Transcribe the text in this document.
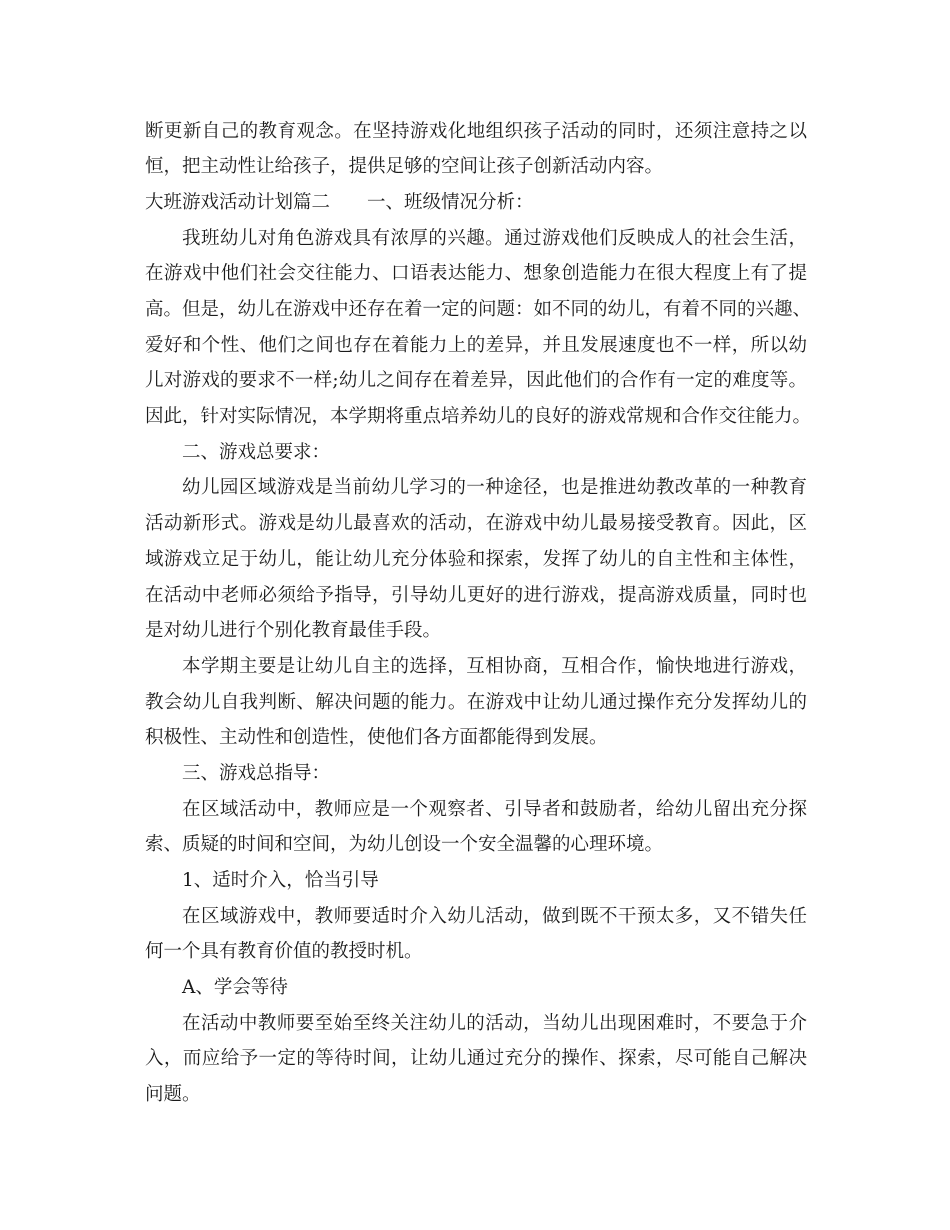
断更新自己的教育观念。在坚持游戏化地组织孩子活动的同时，还须注意持之以

恒，把主动性让给孩子，提供足够的空间让孩子创新活动内容。

大班游戏活动计划篇二　　一、班级情况分析：

我班幼儿对角色游戏具有浓厚的兴趣。通过游戏他们反映成人的社会生活，

在游戏中他们社会交往能力、口语表达能力、想象创造能力在很大程度上有了提

高。但是，幼儿在游戏中还存在着一定的问题：如不同的幼儿，有着不同的兴趣、

爱好和个性、他们之间也存在着能力上的差异，并且发展速度也不一样，所以幼

儿对游戏的要求不一样;幼儿之间存在着差异，因此他们的合作有一定的难度等。

因此，针对实际情况，本学期将重点培养幼儿的良好的游戏常规和合作交往能力。

二、游戏总要求：

幼儿园区域游戏是当前幼儿学习的一种途径，也是推进幼教改革的一种教育

活动新形式。游戏是幼儿最喜欢的活动，在游戏中幼儿最易接受教育。因此，区

域游戏立足于幼儿，能让幼儿充分体验和探索，发挥了幼儿的自主性和主体性，

在活动中老师必须给予指导，引导幼儿更好的进行游戏，提高游戏质量，同时也

是对幼儿进行个别化教育最佳手段。

本学期主要是让幼儿自主的选择，互相协商，互相合作，愉快地进行游戏，

教会幼儿自我判断、解决问题的能力。在游戏中让幼儿通过操作充分发挥幼儿的

积极性、主动性和创造性，使他们各方面都能得到发展。

三、游戏总指导：

在区域活动中，教师应是一个观察者、引导者和鼓励者，给幼儿留出充分探

索、质疑的时间和空间，为幼儿创设一个安全温馨的心理环境。

1、适时介入，恰当引导

在区域游戏中，教师要适时介入幼儿活动，做到既不干预太多，又不错失任

何一个具有教育价值的教授时机。

A、学会等待

在活动中教师要至始至终关注幼儿的活动，当幼儿出现困难时，不要急于介

入，而应给予一定的等待时间，让幼儿通过充分的操作、探索，尽可能自己解决

问题。
